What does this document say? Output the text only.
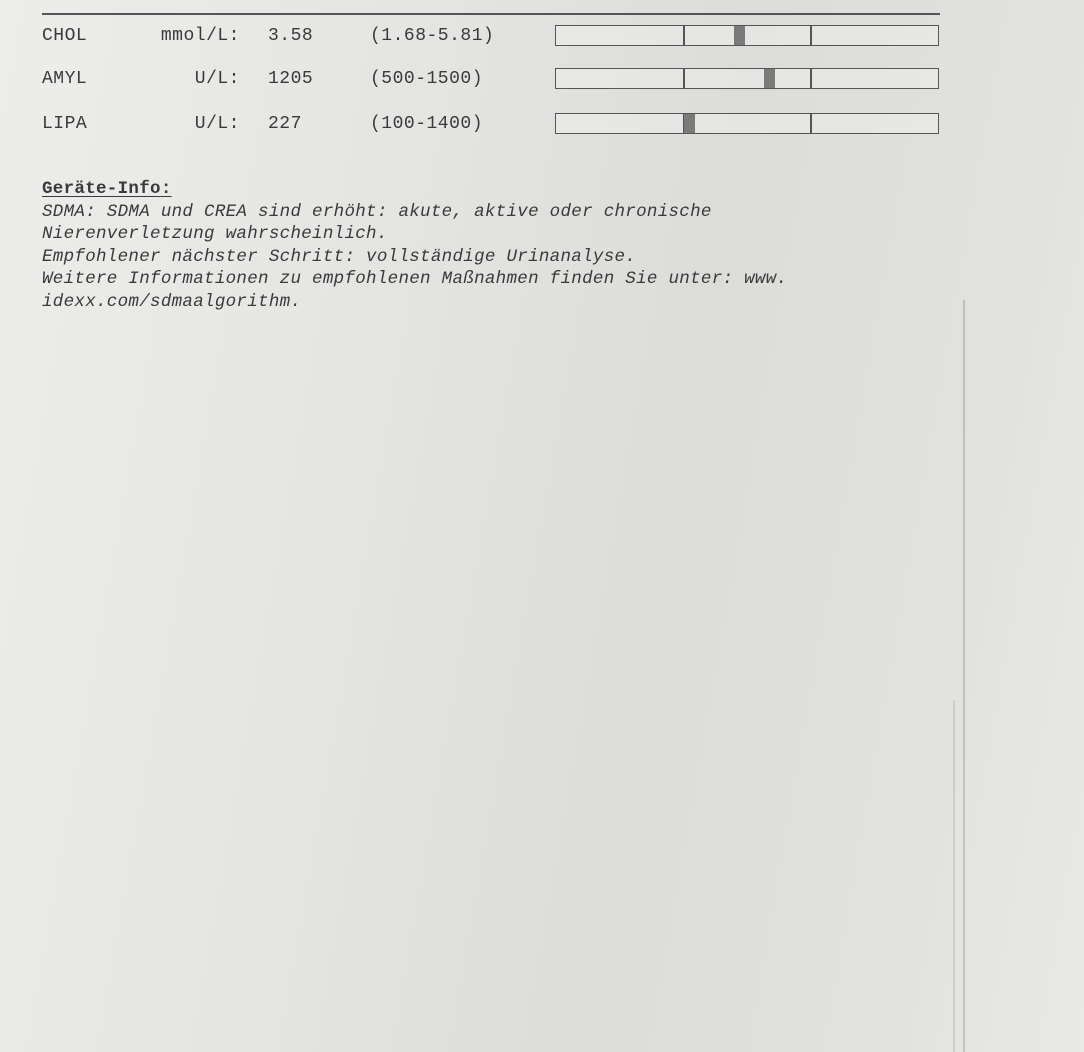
CHOL	mmol/L: 3.58	(1.68-5.81)
AMYL	U/L: 1205	(500-1500)
LIPA	U/L: 227	(100-1400)
Geräte-Info:
SDMA: SDMA und CREA sind erhöht: akute, aktive oder chronische
Nierenverletzung wahrscheinlich.
Empfohlener nächster Schritt: vollständige Urinanalyse.
Weitere Informationen zu empfohlenen Maßnahmen finden Sie unter: www.
idexx.com/sdmaalgorithm.
